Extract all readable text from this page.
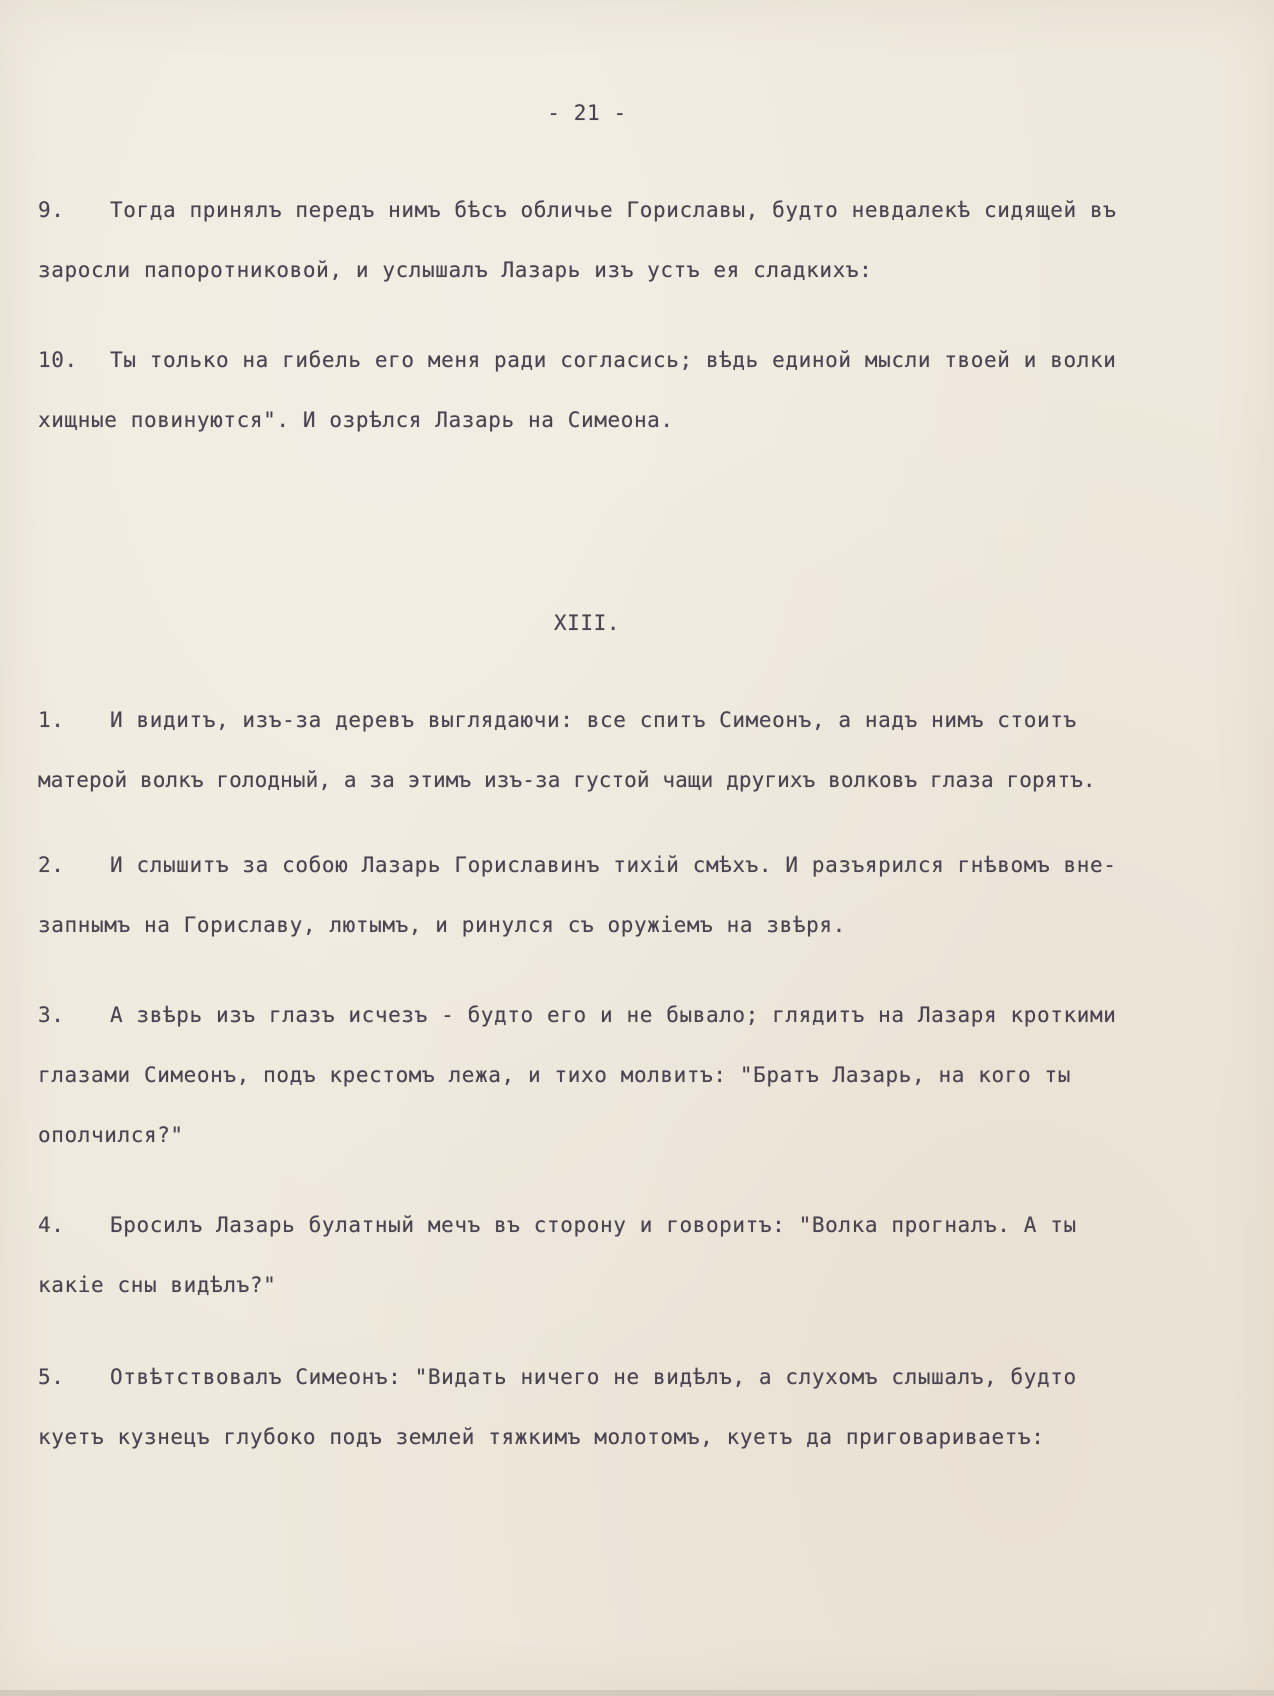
- 21 -
9. Тогда принялъ передъ нимъ бѣсъ обличье Гориславы, будто невдалекѣ сидящей въ
заросли папоротниковой, и услышалъ Лазарь изъ устъ ея сладкихъ:
10. Ты только на гибель его меня ради согласись; вѣдь единой мысли твоей и волки
хищные повинуются". И озрѣлся Лазарь на Симеона.
XIII.
1. И видитъ, изъ-за деревъ выглядаючи: все спитъ Симеонъ, а надъ нимъ стоитъ
матерой волкъ голодный, а за этимъ изъ-за густой чащи другихъ волковъ глаза горятъ.
2. И слышитъ за собою Лазарь Гориславинъ тихiй смѣхъ. И разъярился гнѣвомъ вне-
запнымъ на Гориславу, лютымъ, и ринулся съ оружiемъ на звѣря.
3. А звѣрь изъ глазъ исчезъ - будто его и не бывало; глядитъ на Лазаря кроткими
глазами Симеонъ, подъ крестомъ лежа, и тихо молвитъ: "Братъ Лазарь, на кого ты
ополчился?"
4. Бросилъ Лазарь булатный мечъ въ сторону и говоритъ: "Волка прогналъ. А ты
какiе сны видѣлъ?"
5. Отвѣтствовалъ Симеонъ: "Видать ничего не видѣлъ, а слухомъ слышалъ, будто
куетъ кузнецъ глубоко подъ землей тяжкимъ молотомъ, куетъ да приговариваетъ:
